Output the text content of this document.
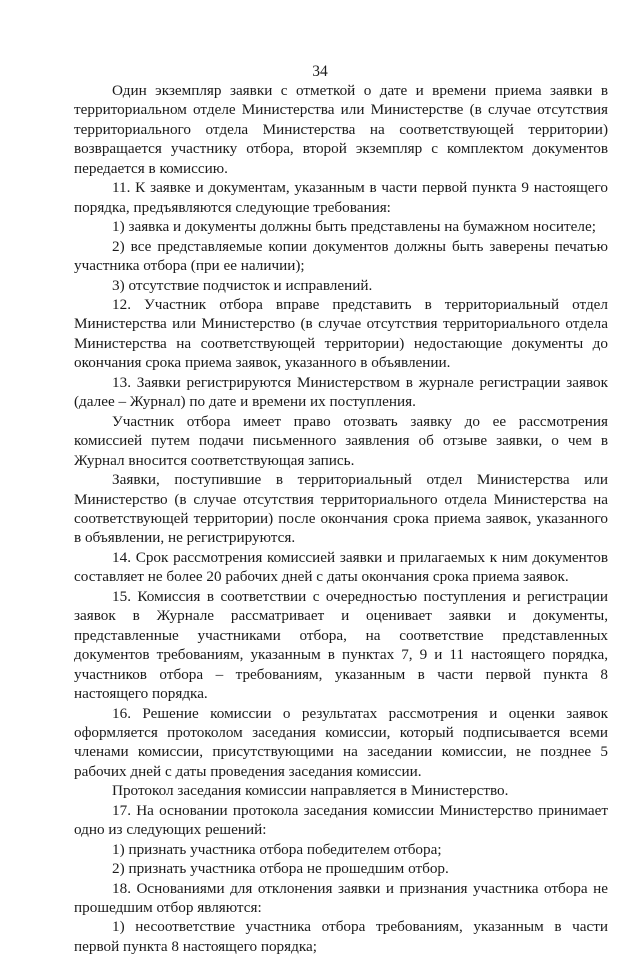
34

Один экземпляр заявки с отметкой о дате и времени приема заявки в территориальном отделе Министерства или Министерстве (в случае отсутствия территориального отдела Министерства на соответствующей территории) возвращается участнику отбора, второй экземпляр с комплектом документов передается в комиссию.

11. К заявке и документам, указанным в части первой пункта 9 настоящего порядка, предъявляются следующие требования:

1) заявка и документы должны быть представлены на бумажном носителе;

2) все представляемые копии документов должны быть заверены печатью участника отбора (при ее наличии);

3) отсутствие подчисток и исправлений.

12. Участник отбора вправе представить в территориальный отдел Министерства или Министерство (в случае отсутствия территориального отдела Министерства на соответствующей территории) недостающие документы до окончания срока приема заявок, указанного в объявлении.

13. Заявки регистрируются Министерством в журнале регистрации заявок (далее – Журнал) по дате и времени их поступления.

Участник отбора имеет право отозвать заявку до ее рассмотрения комиссией путем подачи письменного заявления об отзыве заявки, о чем в Журнал вносится соответствующая запись.

Заявки, поступившие в территориальный отдел Министерства или Министерство (в случае отсутствия территориального отдела Министерства на соответствующей территории) после окончания срока приема заявок, указанного в объявлении, не регистрируются.

14. Срок рассмотрения комиссией заявки и прилагаемых к ним документов составляет не более 20 рабочих дней с даты окончания срока приема заявок.

15. Комиссия в соответствии с очередностью поступления и регистрации заявок в Журнале рассматривает и оценивает заявки и документы, представленные участниками отбора, на соответствие представленных документов требованиям, указанным в пунктах 7, 9 и 11 настоящего порядка, участников отбора – требованиям, указанным в части первой пункта 8 настоящего порядка.

16. Решение комиссии о результатах рассмотрения и оценки заявок оформляется протоколом заседания комиссии, который подписывается всеми членами комиссии, присутствующими на заседании комиссии, не позднее 5 рабочих дней с даты проведения заседания комиссии.

Протокол заседания комиссии направляется в Министерство.

17. На основании протокола заседания комиссии Министерство принимает одно из следующих решений:

1) признать участника отбора победителем отбора;

2) признать участника отбора не прошедшим отбор.

18. Основаниями для отклонения заявки и признания участника отбора не прошедшим отбор являются:

1) несоответствие участника отбора требованиям, указанным в части первой пункта 8 настоящего порядка;
